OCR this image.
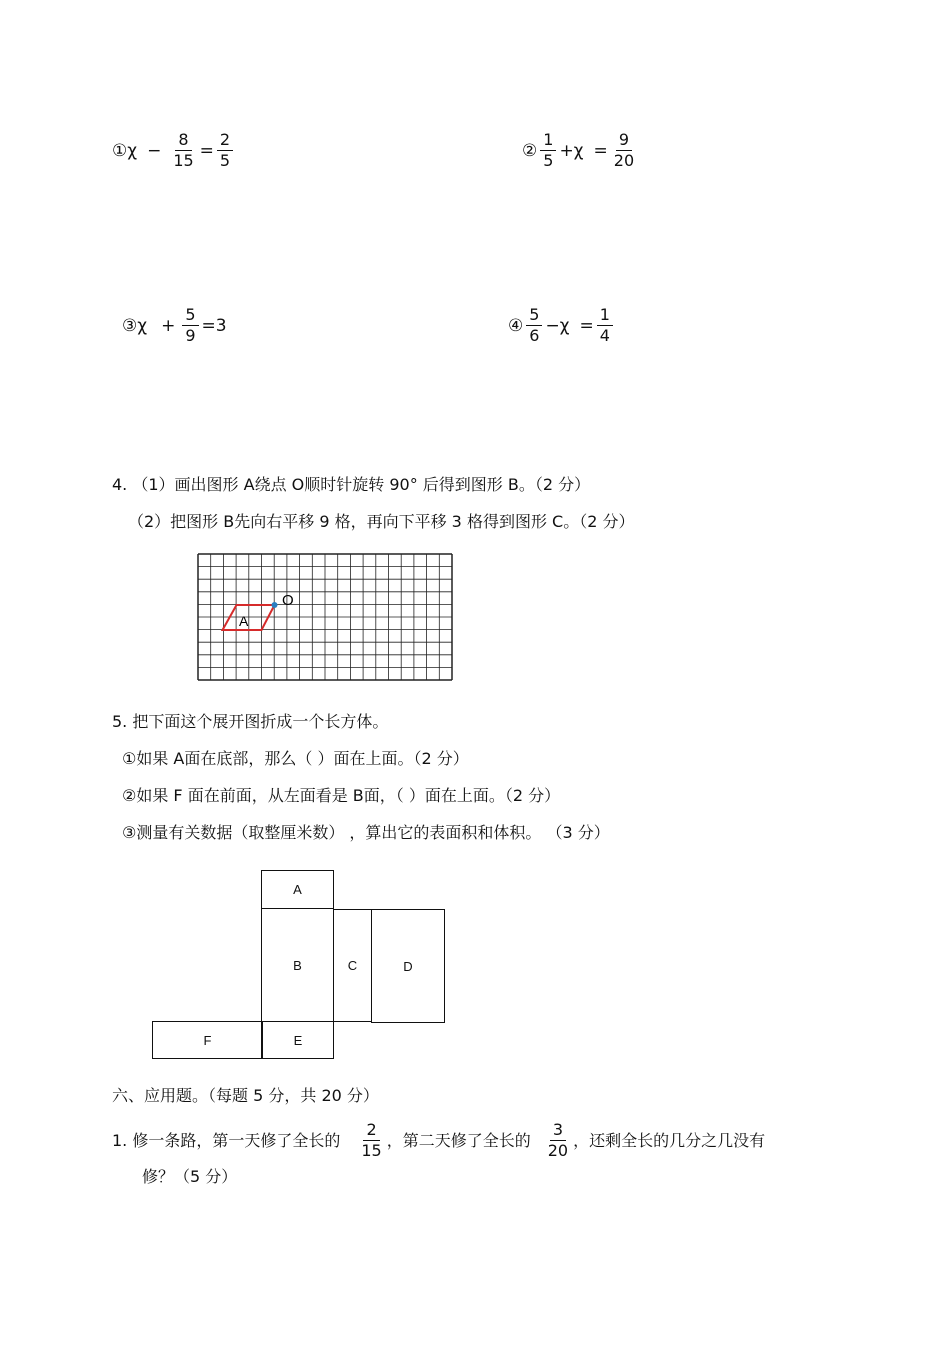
①χ − $\frac{8}{15} = \frac{2}{5}$	② $\frac{1}{5} +\chi = \frac{9}{20}$
③χ + $\frac{5}{9} =3$	④ $\frac{5}{6} -\chi = \frac{1}{4}$
4. （1）画出图形 A绕点 O顺时针旋转 90° 后得到图形 B。（2 分）
（2）把图形 B先向右平移 9 格，再向下平移 3 格得到图形 C。（2 分）
A
O
5. 把下面这个展开图折成一个长方体。
①如果 A面在底部，那么（ ）面在上面。（2 分）
②如果 F 面在前面，从左面看是 B面，（ ）面在上面。（2 分）
③测量有关数据（取整厘米数） ，算出它的表面积和体积。 （3 分）
A
B	C	D
F	E
六、应用题。（每题 5 分，共 20 分）
1. 修一条路，第一天修了全长的 $\frac{2}{15}$ ，第二天修了全长的 $\frac{3}{20}$ ，还剩全长的几分之几没有
修？（5 分）
